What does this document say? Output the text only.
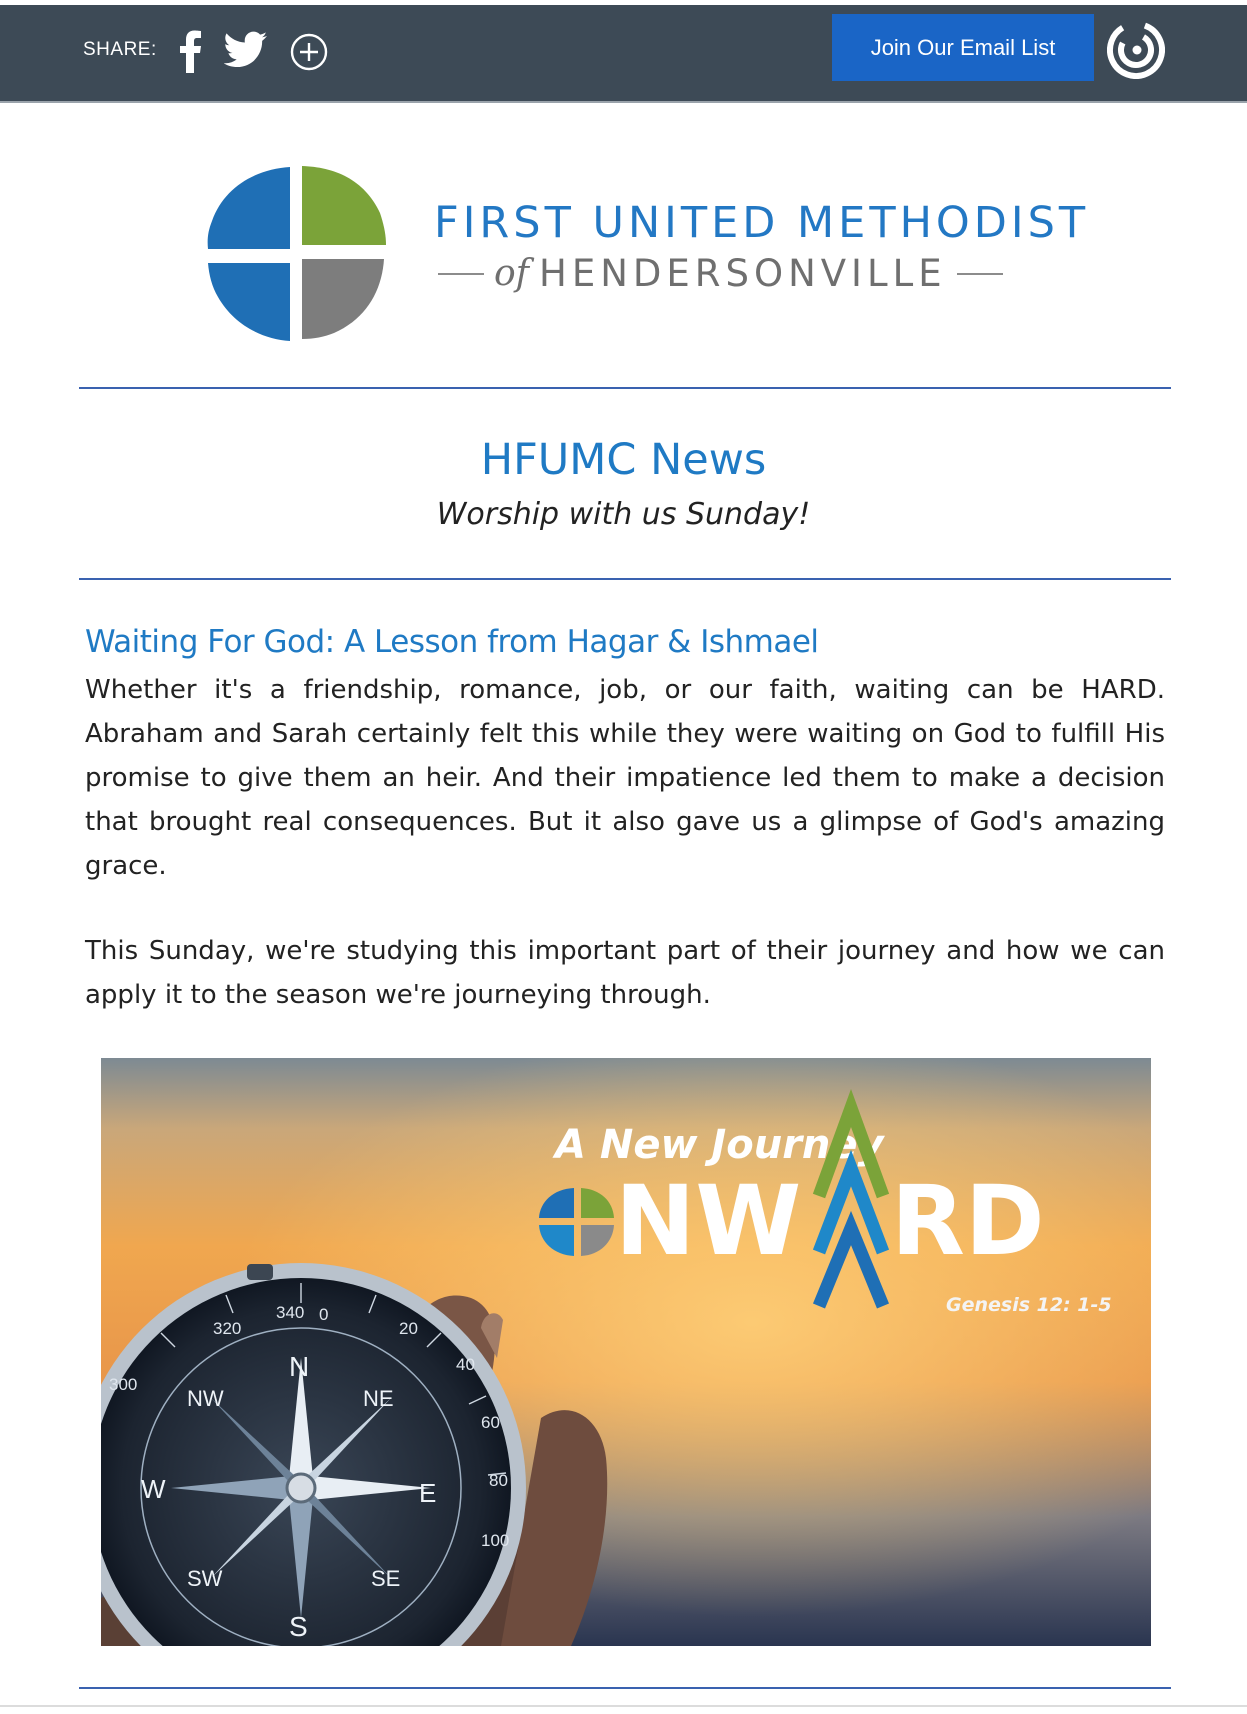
SHARE:	Join Our Email List
FIRST UNITED METHODIST
of HENDERSONVILLE
HFUMC News
Worship with us Sunday!
Waiting For God: A Lesson from Hagar & Ishmael

Whether it's a friendship, romance, job, or our faith, waiting can be HARD. Abraham and Sarah certainly felt this while they were waiting on God to fulfill His promise to give them an heir. And their impatience led them to make a decision that brought real consequences. But it also gave us a glimpse of God's amazing grace.

This Sunday, we're studying this important part of their journey and how we can apply it to the season we're journeying through.

340 0
20
40
60
80
100
320
300
N
NE
E
NW
W
SW
S
SE
A New Journey
NW RD
Genesis 12: 1-5
